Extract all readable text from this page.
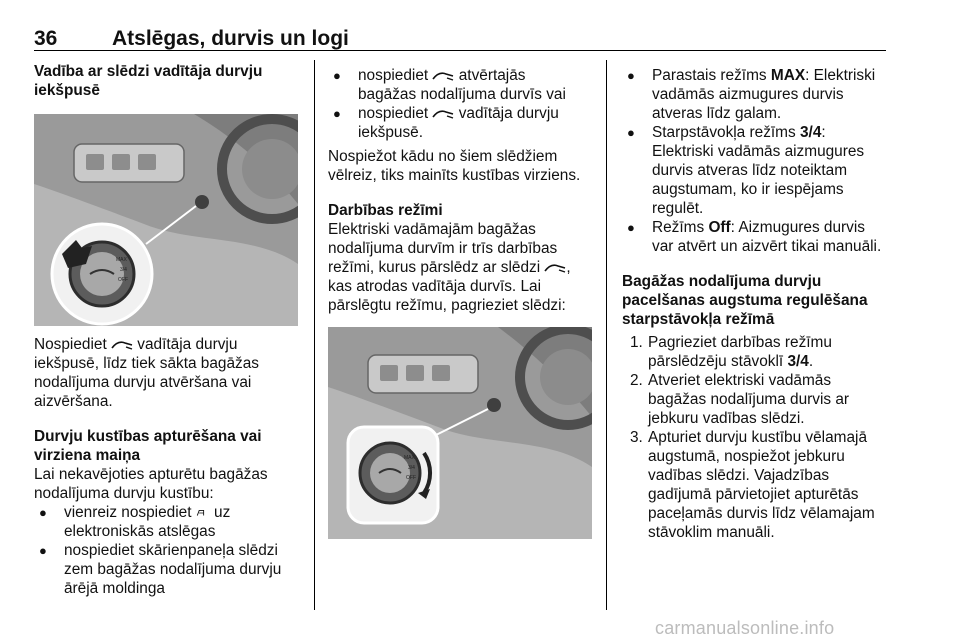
36	Atslēgas, durvis un logi

Vadība ar slēdzi vadītāja durvju
iekšpusē

MAX
3/4
OFF

Nospiediet  vadītāja durvju
iekšpusē, līdz tiek sākta bagāžas
nodalījuma durvju atvēršana vai
aizvēršana.

Durvju kustības apturēšana vai
virziena maiņa

Lai nekavējoties apturētu bagāžas
nodalījuma durvju kustību:

● vienreiz nospiediet  uz
elektroniskās atslēgas

● nospiediet skārienpaneļa slēdzi
zem bagāžas nodalījuma durvju
ārējā moldinga

● nospiediet  atvērtajās
bagāžas nodalījuma durvīs vai

● nospiediet  vadītāja durvju
iekšpusē.

Nospiežot kādu no šiem slēdžiem
vēlreiz, tiks mainīts kustības virziens.

Darbības režīmi

Elektriski vadāmajām bagāžas
nodalījuma durvīm ir trīs darbības
režīmi, kurus pārslēdz ar slēdzi ,
kas atrodas vadītāja durvīs. Lai
pārslēgtu režīmu, pagrieziet slēdzi:

MAX
3/4
OFF

● Parastais režīms MAX: Elektriski
vadāmās aizmugures durvis
atveras līdz galam.

● Starpstāvokļa režīms 3/4:
Elektriski vadāmās aizmugures
durvis atveras līdz noteiktam
augstumam, ko ir iespējams
regulēt.

● Režīms Off: Aizmugures durvis
var atvērt un aizvērt tikai manuāli.

Bagāžas nodalījuma durvju
pacelšanas augstuma regulēšana
starpstāvokļa režīmā

1. Pagrieziet darbības režīmu
pārslēdzēju stāvoklī 3/4.

2. Atveriet elektriski vadāmās
bagāžas nodalījuma durvis ar
jebkuru vadības slēdzi.

3. Apturiet durvju kustību vēlamajā
augstumā, nospiežot jebkuru
vadības slēdzi. Vajadzības
gadījumā pārvietojiet apturētās
paceļamās durvis līdz vēlamajam
stāvoklim manuāli.

carmanualsonline.info
